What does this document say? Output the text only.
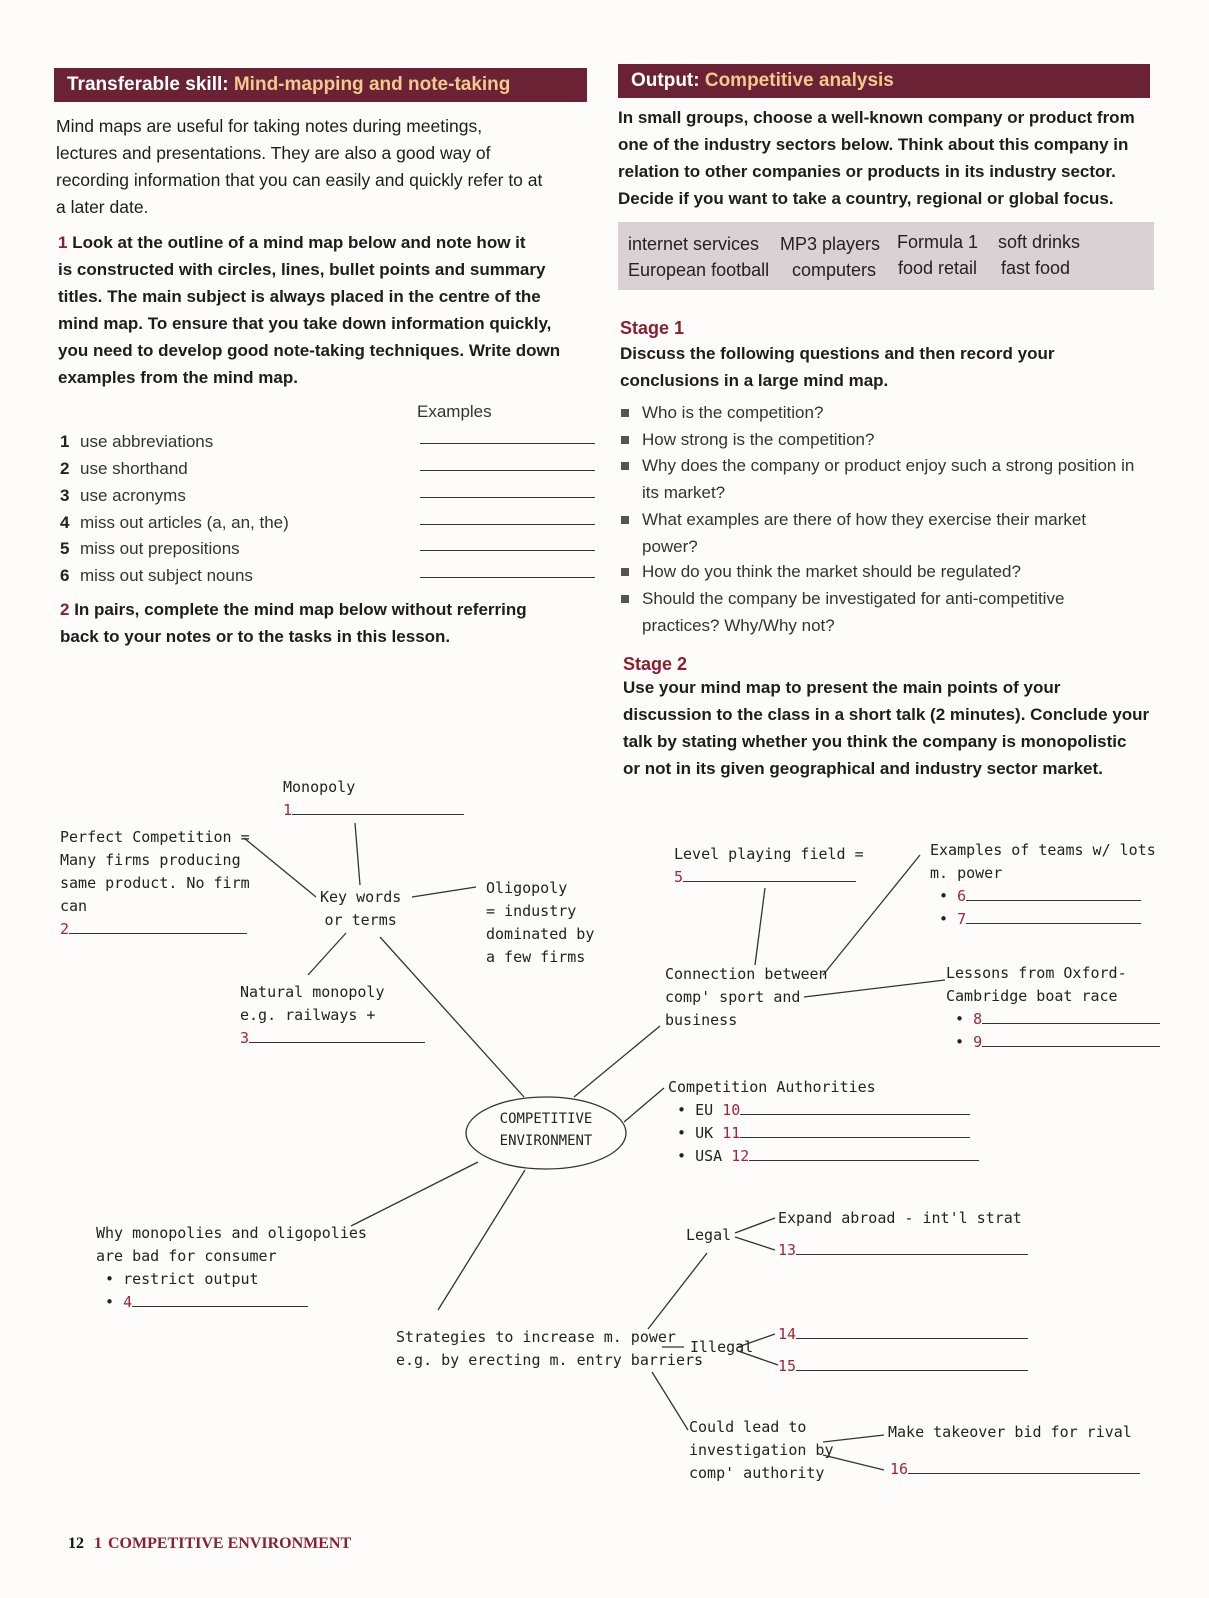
Transferable skill: Mind-mapping and note-taking
Mind maps are useful for taking notes during meetings,
lectures and presentations. They are also a good way of
recording information that you can easily and quickly refer to at
a later date.
1 Look at the outline of a mind map below and note how it
is constructed with circles, lines, bullet points and summary
titles. The main subject is always placed in the centre of the
mind map. To ensure that you take down information quickly,
you need to develop good note-taking techniques. Write down
examples from the mind map.
Examples
1 use abbreviations
2 use shorthand
3 use acronyms
4 miss out articles (a, an, the)
5 miss out prepositions
6 miss out subject nouns
2 In pairs, complete the mind map below without referring
back to your notes or to the tasks in this lesson.
Output: Competitive analysis
In small groups, choose a well-known company or product from
one of the industry sectors below. Think about this company in
relation to other companies or products in its industry sector.
Decide if you want to take a country, regional or global focus.
internet services MP3 players Formula 1 soft drinks
European football computers food retail fast food
Stage 1
Discuss the following questions and then record your
conclusions in a large mind map.
Who is the competition?
How strong is the competition?
Why does the company or product enjoy such a strong position in
its market?
What examples are there of how they exercise their market
power?
How do you think the market should be regulated?
Should the company be investigated for anti-competitive
practices? Why/Why not?
Stage 2
Use your mind map to present the main points of your
discussion to the class in a short talk (2 minutes). Conclude your
talk by stating whether you think the company is monopolistic
or not in its given geographical and industry sector market.
COMPETITIVE
ENVIRONMENT
Monopoly
1
Perfect Competition =
Many firms producing
same product. No firm
can
2
Key words
or terms
Oligopoly
= industry
dominated by
a few firms
Natural monopoly
e.g. railways +
3
Level playing field =
5
Examples of teams w/ lots
m. power
• 6
• 7
Connection between
comp' sport and
business
Lessons from Oxford-
Cambridge boat race
• 8
• 9
Competition Authorities
• EU 10
• UK 11
• USA 12
Why monopolies and oligopolies
are bad for consumer
• restrict output
• 4
Legal
Expand abroad - int'l strat
13
Strategies to increase m. power
e.g. by erecting m. entry barriers
Illegal
14
15
Could lead to
investigation by
comp' authority
Make takeover bid for rival
16
12 1 COMPETITIVE ENVIRONMENT
